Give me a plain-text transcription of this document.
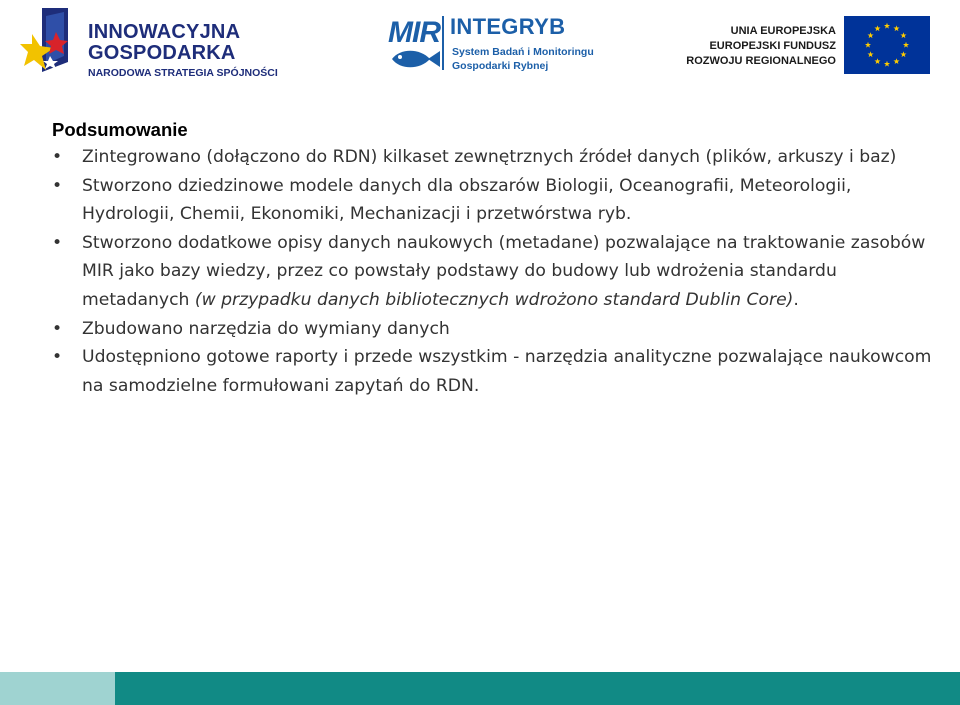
INNOWACYJNA
GOSPODARKA
NARODOWA STRATEGIA SPÓJNOŚCI
MIR INTEGRYB
System Badań i Monitoringu
Gospodarki Rybnej
UNIA EUROPEJSKA
EUROPEJSKI FUNDUSZ
ROZWOJU REGIONALNEGO
Podsumowanie
• Zintegrowano (dołączono do RDN) kilkaset zewnętrznych źródeł danych (plików, arkuszy i baz)
• Stworzono dziedzinowe modele danych dla obszarów Biologii, Oceanografii, Meteorologii, Hydrologii, Chemii, Ekonomiki, Mechanizacji i przetwórstwa ryb.
• Stworzono dodatkowe opisy danych naukowych (metadane) pozwalające na traktowanie zasobów MIR jako bazy wiedzy, przez co powstały podstawy do budowy lub wdrożenia standardu metadanych (w przypadku danych bibliotecznych wdrożono standard Dublin Core).
• Zbudowano narzędzia do wymiany danych
• Udostępniono gotowe raporty i przede wszystkim - narzędzia analityczne pozwalające naukowcom na samodzielne formułowani zapytań do RDN.
